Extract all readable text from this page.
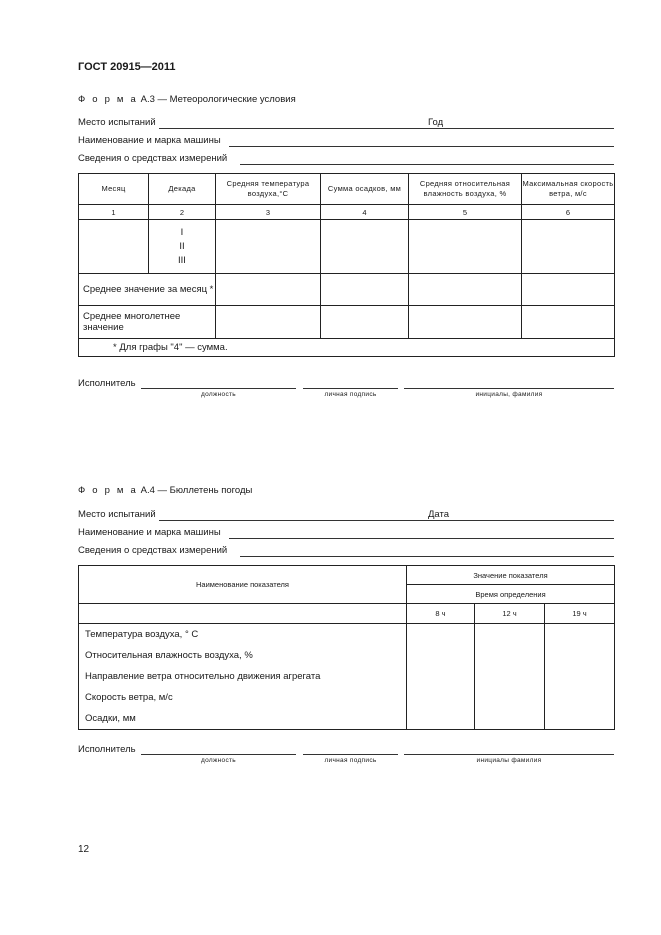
ГОСТ 20915—2011
Ф о р м а А.3 — Метеорологические условия
Место испытаний	Год
Наименование и марка машины
Сведения о средствах измерений
Месяц	Декада	Средняя температура воздуха,°С	Сумма осадков, мм	Средняя относительная влажность воздуха, %	Максимальная скорость ветра, м/с
1	2	3	4	5	6

	I
II
III				

Среднее значение за месяц *					
Среднее многолетнее значение					
* Для графы "4" — сумма.					
Исполнитель
должность	личная подпись	инициалы, фамилия
Ф о р м а А.4 — Бюллетень погоды
Место испытаний	Дата
Наименование и марка машины
Сведения о средствах измерений
Наименование показателя	Значение показателя		
	Время определения		
	8 ч	12 ч	19 ч

Температура воздуха, ° С
Относительная влажность воздуха, %
Направление ветра относительно движения агрегата
Скорость ветра, м/с
Осадки, мм			

Исполнитель
должность	личная подпись	инициалы фамилия
12
